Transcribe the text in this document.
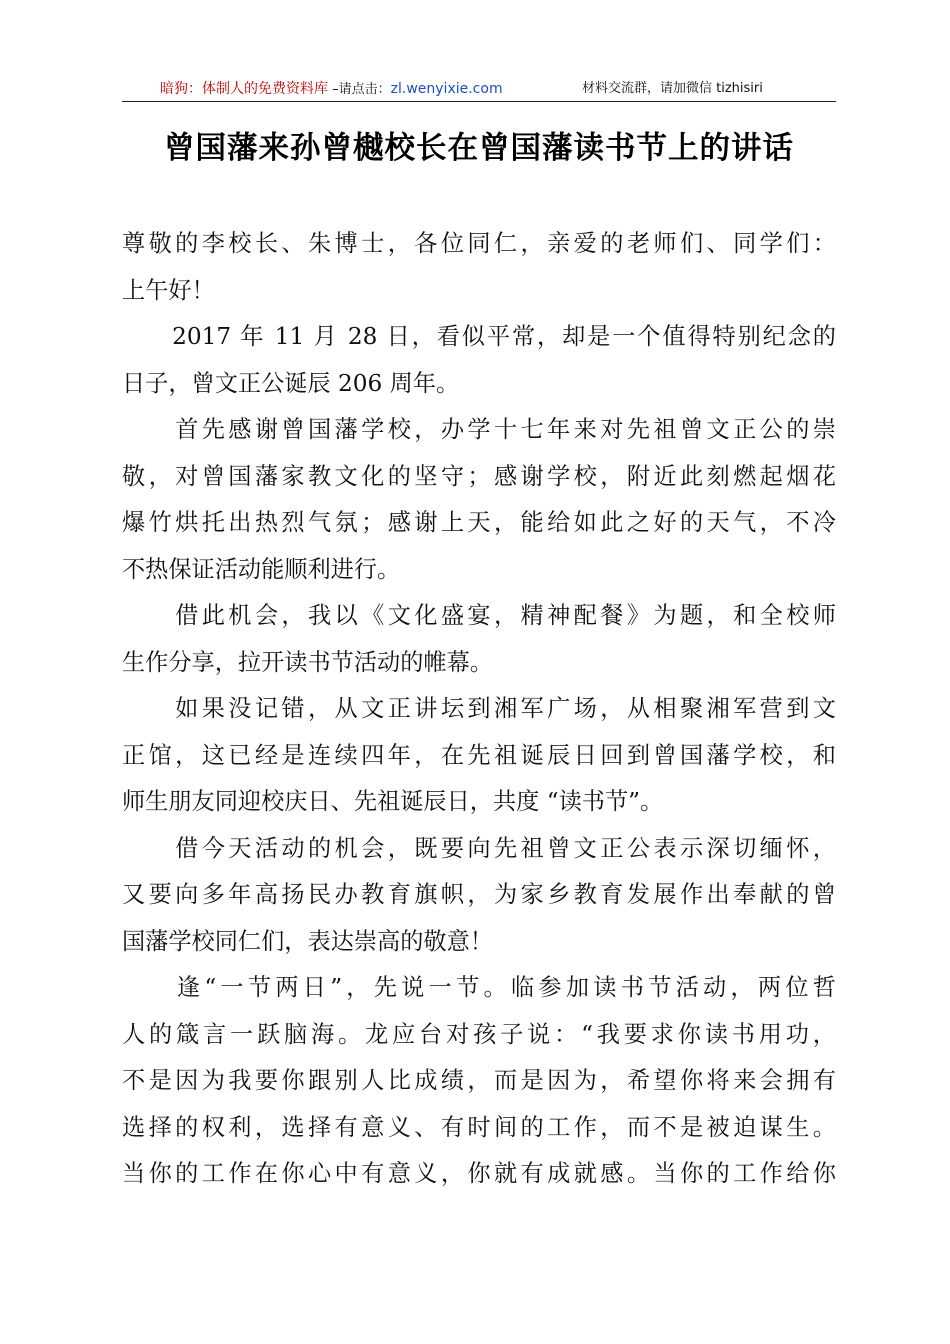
暗狗：体制人的免费资料库 –请点击：zl.wenyixie.com	材料交流群，请加微信 tizhisiri
曾国藩来孙曾樾校长在曾国藩读书节上的讲话
尊敬的李校长、朱博士，各位同仁，亲爱的老师们、同学们：
上午好！
　　2017 年 11 月 28 日，看似平常，却是一个值得特别纪念的
日子，曾文正公诞辰 206 周年。
　　首先感谢曾国藩学校，办学十七年来对先祖曾文正公的崇
敬，对曾国藩家教文化的坚守；感谢学校，附近此刻燃起烟花
爆竹烘托出热烈气氛；感谢上天，能给如此之好的天气，不冷
不热保证活动能顺利进行。
　　借此机会，我以《文化盛宴，精神配餐》为题，和全校师
生作分享，拉开读书节活动的帷幕。
　　如果没记错，从文正讲坛到湘军广场，从相聚湘军营到文
正馆，这已经是连续四年，在先祖诞辰日回到曾国藩学校，和
师生朋友同迎校庆日、先祖诞辰日，共度 “读书节”。
　　借今天活动的机会，既要向先祖曾文正公表示深切缅怀，
又要向多年高扬民办教育旗帜，为家乡教育发展作出奉献的曾
国藩学校同仁们，表达崇高的敬意！
　　逢“一节两日”，先说一节。临参加读书节活动，两位哲
人的箴言一跃脑海。龙应台对孩子说：“我要求你读书用功，
不是因为我要你跟别人比成绩，而是因为，希望你将来会拥有
选择的权利，选择有意义、有时间的工作，而不是被迫谋生。
当你的工作在你心中有意义，你就有成就感。当你的工作给你
